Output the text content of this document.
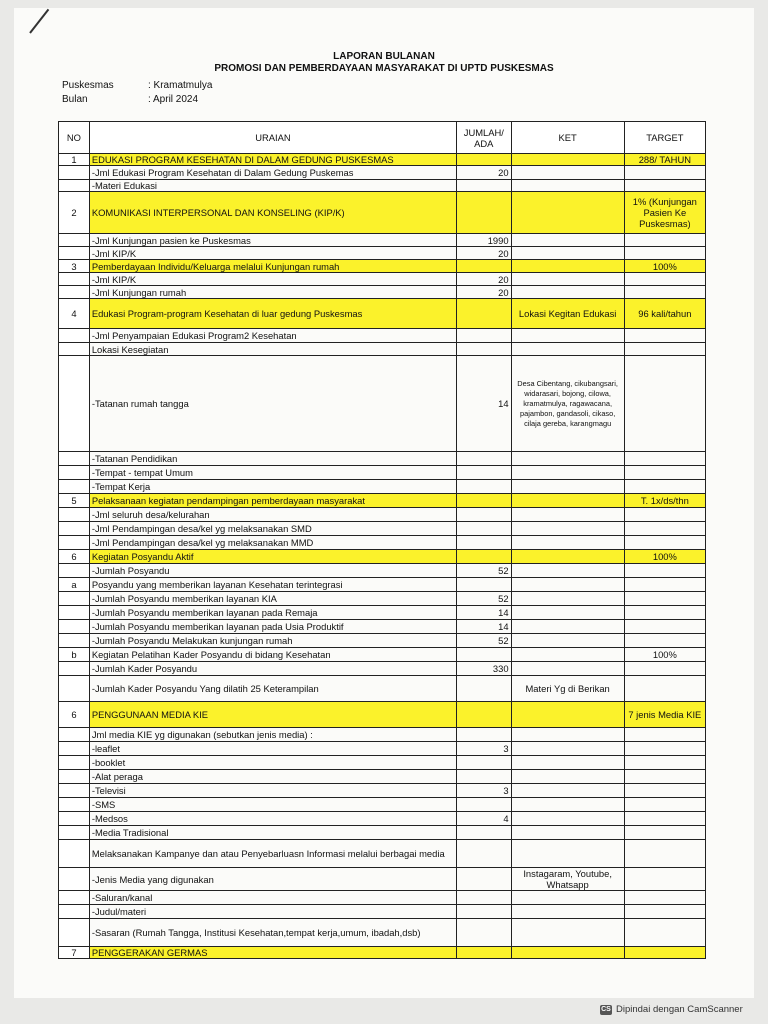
LAPORAN BULANAN
PROMOSI DAN PEMBERDAYAAN MASYARAKAT DI UPTD PUSKESMAS
Puskesmas	: Kramatmulya
Bulan	: April 2024
NO	URAIAN	JUMLAH/ ADA	KET	TARGET
1	EDUKASI PROGRAM KESEHATAN DI DALAM GEDUNG PUSKESMAS			288/ TAHUN
	-Jml Edukasi Program Kesehatan di Dalam Gedung Puskemas	20		
	-Materi Edukasi			
2	KOMUNIKASI INTERPERSONAL DAN KONSELING (KIP/K)			1% (Kunjungan Pasien Ke Puskesmas)
	-Jml Kunjungan pasien ke Puskesmas	1990		
	-Jml KIP/K	20		
3	Pemberdayaan Individu/Keluarga melalui Kunjungan rumah			100%
	-Jml KIP/K	20		
	-Jml Kunjungan rumah	20		
4	Edukasi Program-program Kesehatan di luar gedung Puskesmas		Lokasi Kegitan Edukasi	96 kali/tahun
	-Jml Penyampaian Edukasi Program2 Kesehatan			
	Lokasi Kesegiatan			
	-Tatanan rumah tangga	14	Desa Cibentang, cikubangsari, widarasari, bojong, cilowa, kramatmulya, ragawacana, pajambon, gandasoli, cikaso, cilaja gereba, karangmagu	
	-Tatanan Pendidikan			
	-Tempat - tempat Umum			
	-Tempat Kerja			
5	Pelaksanaan kegiatan pendampingan pemberdayaan masyarakat			T. 1x/ds/thn
	-Jml seluruh desa/kelurahan			
	-Jml Pendampingan desa/kel yg melaksanakan SMD			
	-Jml Pendampingan desa/kel yg melaksanakan MMD			
6	Kegiatan Posyandu Aktif			100%
	-Jumlah Posyandu	52		
a	Posyandu yang memberikan layanan Kesehatan terintegrasi			
	-Jumlah Posyandu memberikan layanan KIA	52		
	-Jumlah Posyandu memberikan layanan pada Remaja	14		
	-Jumlah Posyandu memberikan layanan pada Usia Produktif	14		
	-Jumlah Posyandu Melakukan kunjungan rumah	52		
b	Kegiatan Pelatihan Kader Posyandu di bidang Kesehatan			100%
	-Jumlah Kader Posyandu	330		
	-Jumlah Kader Posyandu Yang dilatih 25 Keterampilan		Materi Yg di Berikan	
6	PENGGUNAAN MEDIA KIE			7 jenis Media KIE
	Jml media KIE yg digunakan (sebutkan jenis media) :			
	-leaflet	3		
	-booklet			
	-Alat peraga			
	-Televisi	3		
	-SMS			
	-Medsos	4		
	-Media Tradisional			
	Melaksanakan Kampanye dan atau Penyebarluasn Informasi melalui berbagai media			
	-Jenis Media yang digunakan		Instagaram, Youtube, Whatsapp	
	-Saluran/kanal			
	-Judul/materi			
	-Sasaran (Rumah Tangga, Institusi Kesehatan,tempat kerja,umum, ibadah,dsb)			
7	PENGGERAKAN GERMAS			
CS Dipindai dengan CamScanner
